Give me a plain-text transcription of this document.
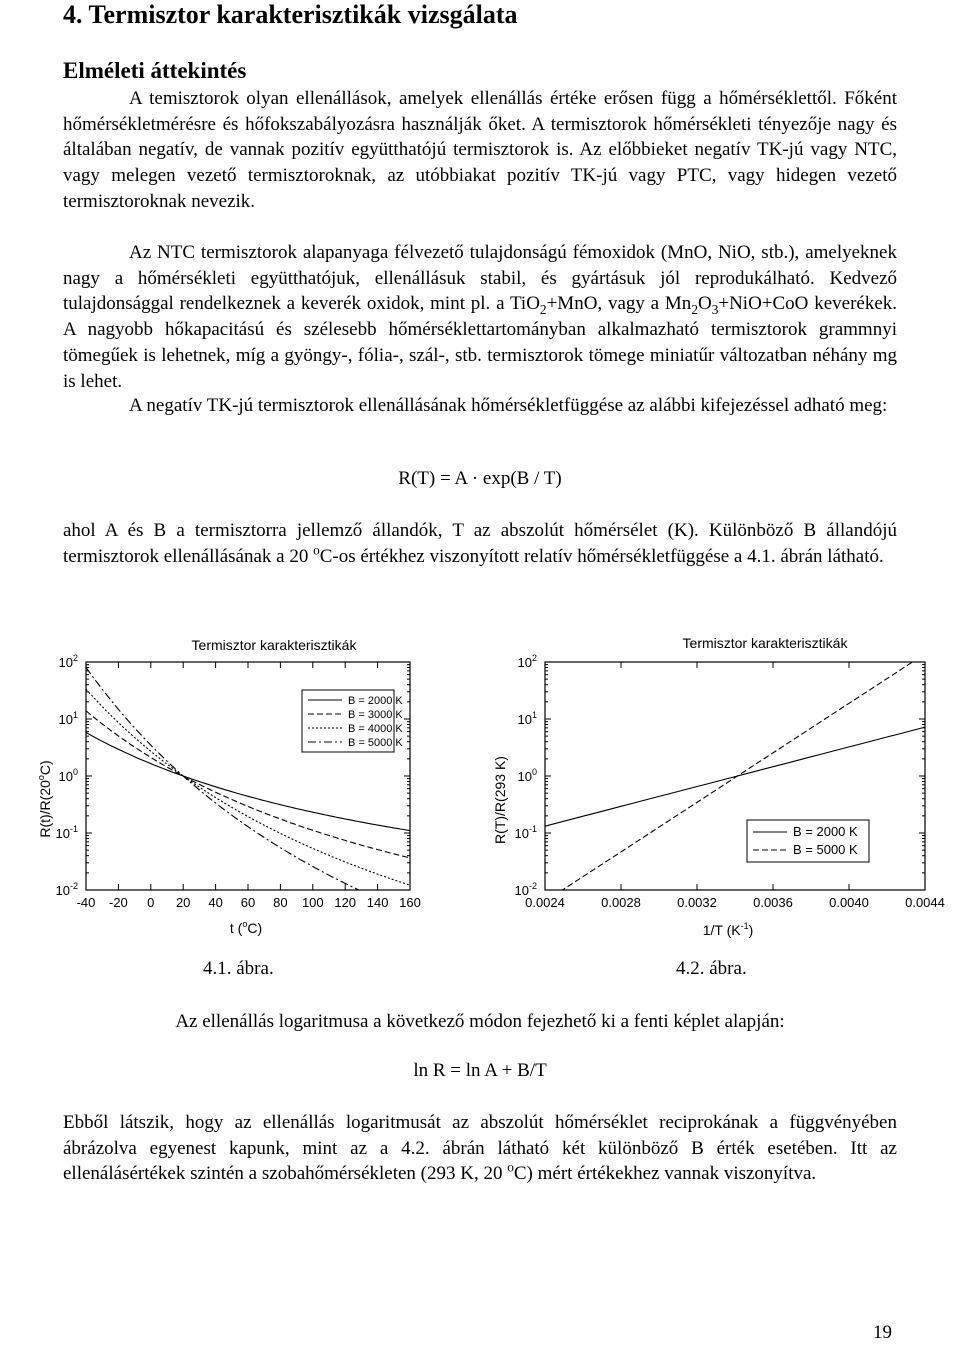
4. Termisztor karakterisztikák vizsgálata
Elméleti áttekintés

A temisztorok olyan ellenállások, amelyek ellenállás értéke erősen függ a hőmérséklettől. Főként hőmérsékletmérésre és hőfokszabályozásra használják őket. A termisztorok hőmérsékleti tényezője nagy és általában negatív, de vannak pozitív együtthatójú termisztorok is. Az előbbieket negatív TK-jú vagy NTC, vagy melegen vezető termisztoroknak, az utóbbiakat pozitív TK-jú vagy PTC, vagy hidegen vezető termisztoroknak nevezik.

Az NTC termisztorok alapanyaga félvezető tulajdonságú fémoxidok (MnO, NiO, stb.), amelyeknek nagy a hőmérsékleti együtthatójuk, ellenállásuk stabil, és gyártásuk jól reprodukálható. Kedvező tulajdonsággal rendelkeznek a keverék oxidok, mint pl. a TiO$_2$+MnO, vagy a $Mn_2O_3+NiO+CoO$ keverékek. A nagyobb hőkapacitású és szélesebb hőmérséklettartományban alkalmazható termisztorok grammnyi tömegűek is lehetnek, míg a gyöngy-, fólia-, szál-, stb. termisztorok tömege miniatűr változatban néhány mg is lehet.

A negatív TK-jú termisztorok ellenállásának hőmérsékletfüggése az alábbi kifejezéssel adható meg:

R(T) = A · exp(B / T)

ahol A és B a termisztorra jellemző állandók, T az abszolút hőmérsélet (K). Különböző B állandójú termisztorok ellenállásának a 20 $^o$C-os értékhez viszonyított relatív hőmérsékletfüggése a 4.1. ábrán látható.

Termisztor karakterisztikák
R(t)/R(20$^o$C)
t ($^o$C)
$10^2$
$10^1$
$10^0$
$10^{-1}$
$10^{-2}$
-40 -20 0 20 40 60 80 100 120 140 160
B = 2000 K
B = 3000 K
B = 4000 K
B = 5000 K
Termisztor karakterisztikák
R(T)/R(293 K)
1/T $(K^{-1})$
$10^2$
$10^1$
$10^0$
$10^{-1}$
$10^{-2}$
0.0024	0.0028	0.0032	0.0036	0.0040	0.0044
B = 2000 K
B = 5000 K

4.1. ábra.	4.2. ábra.

Az ellenállás logaritmusa a következő módon fejezhető ki a fenti képlet alapján:

ln R = ln A + B/T

Ebből látszik, hogy az ellenállás logaritmusát az abszolút hőmérséklet reciprokának a függvényében ábrázolva egyenest kapunk, mint az a 4.2. ábrán látható két különböző B érték esetében. Itt az ellenálásértékek szintén a szobahőmérsékleten (293 K, 20 $^o$C) mért értékekhez vannak viszonyítva.

19
